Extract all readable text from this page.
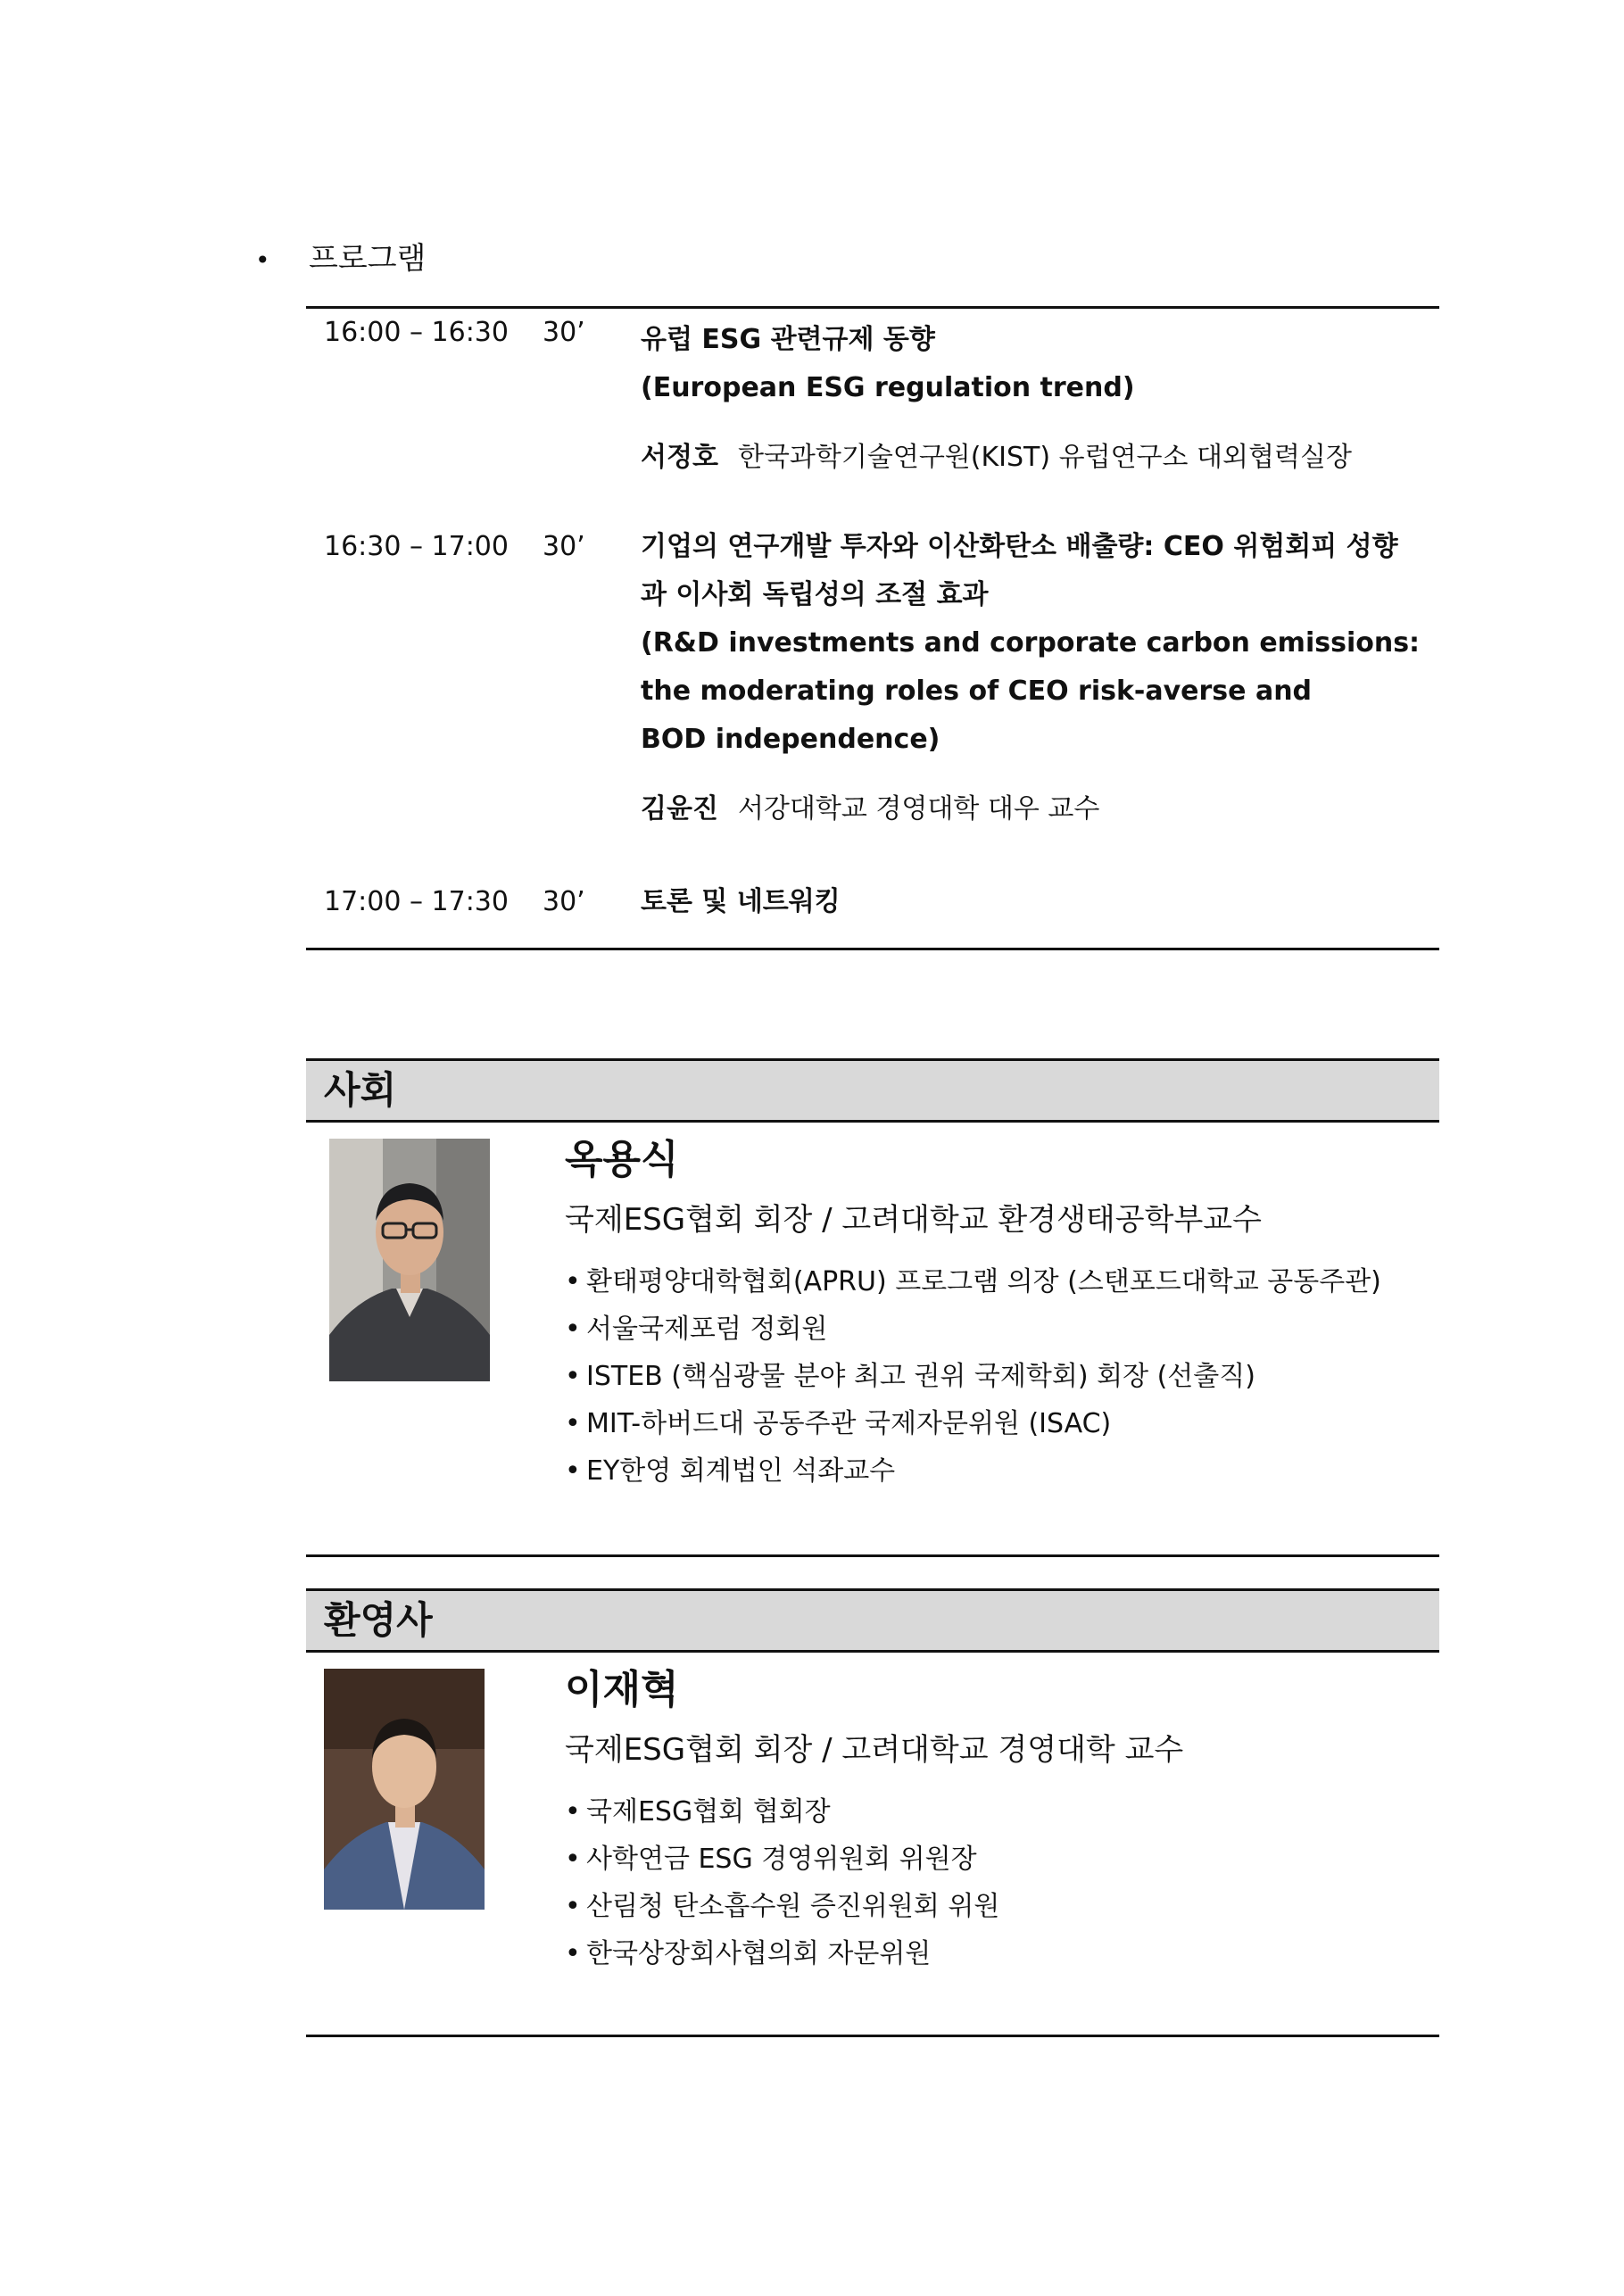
• 프로그램
16:00 – 16:30 30’ 유럽 ESG 관련규제 동향
(European ESG regulation trend)
서정호 한국과학기술연구원(KIST) 유럽연구소 대외협력실장
16:30 – 17:00 30’ 기업의 연구개발 투자와 이산화탄소 배출량: CEO 위험회피 성향
과 이사회 독립성의 조절 효과
(R&D investments and corporate carbon emissions:
the moderating roles of CEO risk-averse and
BOD independence)
김윤진 서강대학교 경영대학 대우 교수
17:00 – 17:30 30’ 토론 및 네트워킹
사회
옥용식
국제ESG협회 회장 / 고려대학교 환경생태공학부교수
• 환태평양대학협회(APRU) 프로그램 의장 (스탠포드대학교 공동주관)
• 서울국제포럼 정회원
• ISTEB (핵심광물 분야 최고 권위 국제학회) 회장 (선출직)
• MIT-하버드대 공동주관 국제자문위원 (ISAC)
• EY한영 회계법인 석좌교수
환영사
이재혁
국제ESG협회 회장 / 고려대학교 경영대학 교수
• 국제ESG협회 협회장
• 사학연금 ESG 경영위원회 위원장
• 산림청 탄소흡수원 증진위원회 위원
• 한국상장회사협의회 자문위원
